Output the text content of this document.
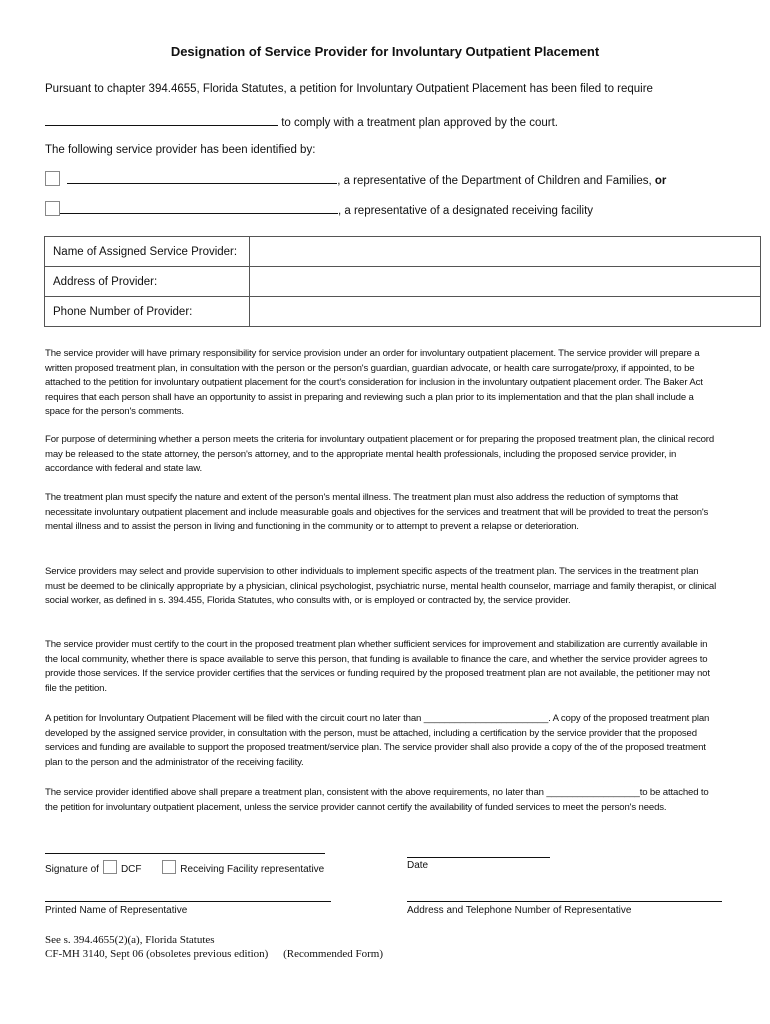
Designation of Service Provider for Involuntary Outpatient Placement
Pursuant to chapter 394.4655, Florida Statutes, a petition for Involuntary Outpatient Placement has been filed to require
to comply with a treatment plan approved by the court.
The following service provider has been identified by:
, a representative of the Department of Children and Families, or
, a representative of a designated receiving facility
Name of Assigned Service Provider:	
Address of Provider:	
Phone Number of Provider:	
The service provider will have primary responsibility for service provision under an order for involuntary outpatient placement. The service provider will prepare a written proposed treatment plan, in consultation with the person or the person's guardian, guardian advocate, or health care surrogate/proxy, if appointed, to be attached to the petition for involuntary outpatient placement for the court's consideration for inclusion in the involuntary outpatient placement order. The Baker Act requires that each person shall have an opportunity to assist in preparing and reviewing such a plan prior to its implementation and that the plan shall include a space for the person's comments.
For purpose of determining whether a person meets the criteria for involuntary outpatient placement or for preparing the proposed treatment plan, the clinical record may be released to the state attorney, the person's attorney, and to the appropriate mental health professionals, including the proposed service provider, in accordance with federal and state law.
The treatment plan must specify the nature and extent of the person's mental illness. The treatment plan must also address the reduction of symptoms that necessitate involuntary outpatient placement and include measurable goals and objectives for the services and treatment that will be provided to treat the person's mental illness and to assist the person in living and functioning in the community or to attempt to prevent a relapse or deterioration.
Service providers may select and provide supervision to other individuals to implement specific aspects of the treatment plan. The services in the treatment plan must be deemed to be clinically appropriate by a physician, clinical psychologist, psychiatric nurse, mental health counselor, marriage and family therapist, or clinical social worker, as defined in s. 394.455, Florida Statutes, who consults with, or is employed or contracted by, the service provider.
The service provider must certify to the court in the proposed treatment plan whether sufficient services for improvement and stabilization are currently available in the local community, whether there is space available to serve this person, that funding is available to finance the care, and whether the service provider agrees to provide those services. If the service provider certifies that the services or funding required by the proposed treatment plan are not available, the petitioner may not file the petition.
A petition for Involuntary Outpatient Placement will be filed with the circuit court no later than ________________________. A copy of the proposed treatment plan developed by the assigned service provider, in consultation with the person, must be attached, including a certification by the service provider that the proposed services and funding are available to support the proposed treatment/service plan. The service provider shall also provide a copy of the of the proposed treatment plan to the person and the administrator of the receiving facility.
The service provider identified above shall prepare a treatment plan, consistent with the above requirements, no later than __________________to be attached to the petition for involuntary outpatient placement, unless the service provider cannot certify the availability of funded services to meet the person's needs.
Signature of DCF	Receiving Facility representative	Date
Printed Name of Representative	Address and Telephone Number of Representative
See s. 394.4655(2)(a), Florida Statutes
CF-MH 3140, Sept 06 (obsoletes previous edition) (Recommended Form)
